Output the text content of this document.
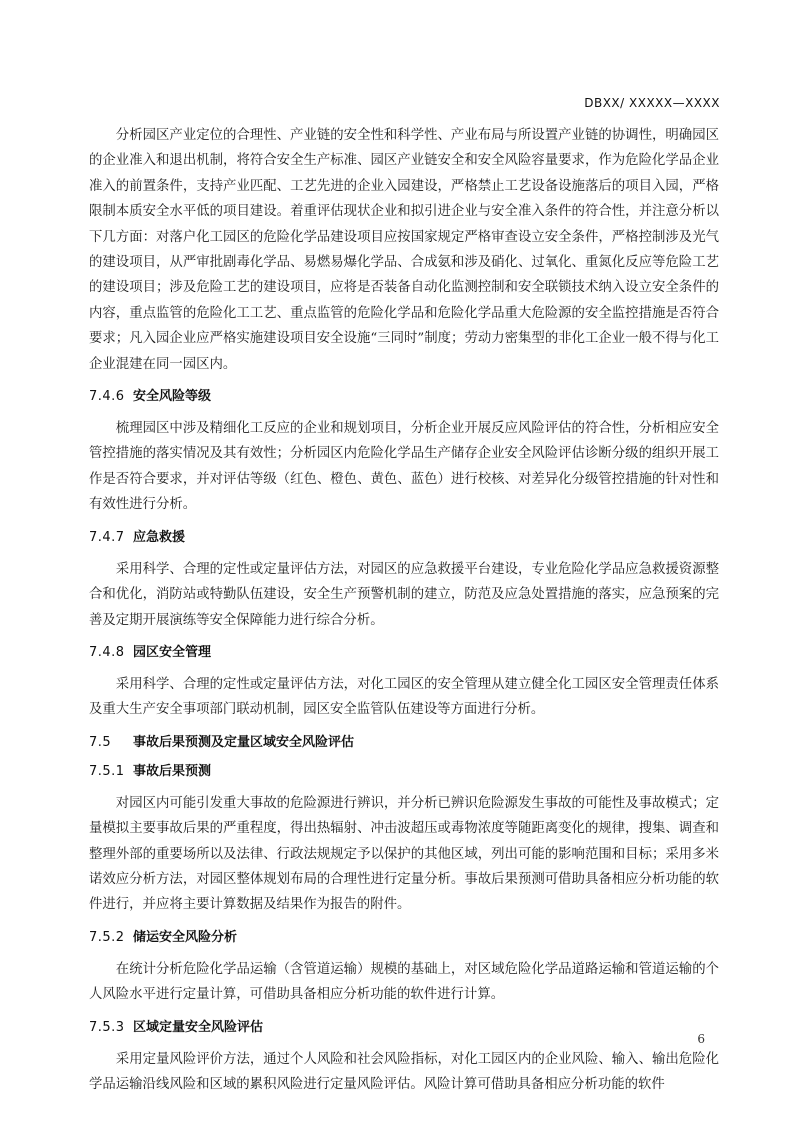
DBXX/ XXXXX—XXXX

分析园区产业定位的合理性、产业链的安全性和科学性、产业布局与所设置产业链的协调性，明确园区的企业准入和退出机制，将符合安全生产标准、园区产业链安全和安全风险容量要求，作为危险化学品企业准入的前置条件，支持产业匹配、工艺先进的企业入园建设，严格禁止工艺设备设施落后的项目入园，严格限制本质安全水平低的项目建设。着重评估现状企业和拟引进企业与安全准入条件的符合性，并注意分析以下几方面：对落户化工园区的危险化学品建设项目应按国家规定严格审查设立安全条件，严格控制涉及光气的建设项目，从严审批剧毒化学品、易燃易爆化学品、合成氨和涉及硝化、过氧化、重氮化反应等危险工艺的建设项目；涉及危险工艺的建设项目，应将是否装备自动化监测控制和安全联锁技术纳入设立安全条件的内容，重点监管的危险化工工艺、重点监管的危险化学品和危险化学品重大危险源的安全监控措施是否符合要求；凡入园企业应严格实施建设项目安全设施“三同时”制度；劳动力密集型的非化工企业一般不得与化工企业混建在同一园区内。

7.4.6 安全风险等级

梳理园区中涉及精细化工反应的企业和规划项目，分析企业开展反应风险评估的符合性，分析相应安全管控措施的落实情况及其有效性；分析园区内危险化学品生产储存企业安全风险评估诊断分级的组织开展工作是否符合要求，并对评估等级（红色、橙色、黄色、蓝色）进行校核、对差异化分级管控措施的针对性和有效性进行分析。

7.4.7 应急救援

采用科学、合理的定性或定量评估方法，对园区的应急救援平台建设，专业危险化学品应急救援资源整合和优化，消防站或特勤队伍建设，安全生产预警机制的建立，防范及应急处置措施的落实，应急预案的完善及定期开展演练等安全保障能力进行综合分析。

7.4.8 园区安全管理

采用科学、合理的定性或定量评估方法，对化工园区的安全管理从建立健全化工园区安全管理责任体系及重大生产安全事项部门联动机制，园区安全监管队伍建设等方面进行分析。

7.5 事故后果预测及定量区域安全风险评估
7.5.1 事故后果预测

对园区内可能引发重大事故的危险源进行辨识，并分析已辨识危险源发生事故的可能性及事故模式；定量模拟主要事故后果的严重程度，得出热辐射、冲击波超压或毒物浓度等随距离变化的规律，搜集、调查和整理外部的重要场所以及法律、行政法规规定予以保护的其他区域，列出可能的影响范围和目标；采用多米诺效应分析方法，对园区整体规划布局的合理性进行定量分析。事故后果预测可借助具备相应分析功能的软件进行，并应将主要计算数据及结果作为报告的附件。

7.5.2 储运安全风险分析

在统计分析危险化学品运输（含管道运输）规模的基础上，对区域危险化学品道路运输和管道运输的个人风险水平进行定量计算，可借助具备相应分析功能的软件进行计算。

7.5.3 区域定量安全风险评估

采用定量风险评价方法，通过个人风险和社会风险指标，对化工园区内的企业风险、输入、输出危险化学品运输沿线风险和区域的累积风险进行定量风险评估。风险计算可借助具备相应分析功能的软件

6
